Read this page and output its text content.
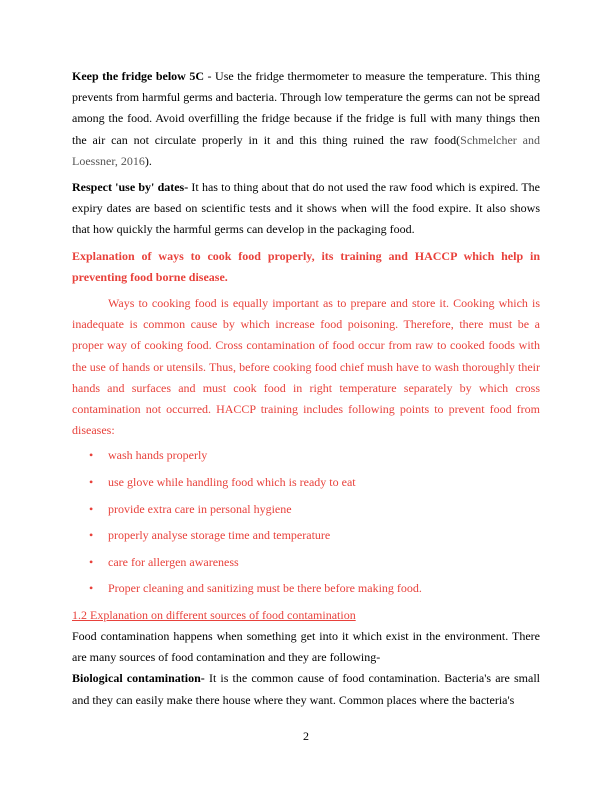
Keep the fridge below 5C - Use the fridge thermometer to measure the temperature. This thing prevents from harmful germs and bacteria. Through low temperature the germs can not be spread among the food. Avoid overfilling the fridge because if the fridge is full with many things then the air can not circulate properly in it and this thing ruined the raw food(Schmelcher and Loessner, 2016).

Respect 'use by' dates- It has to thing about that do not used the raw food which is expired. The expiry dates are based on scientific tests and it shows when will the food expire. It also shows that how quickly the harmful germs can develop in the packaging food.

Explanation of ways to cook food properly, its training and HACCP which help in preventing food borne disease.

Ways to cooking food is equally important as to prepare and store it. Cooking which is inadequate is common cause by which increase food poisoning. Therefore, there must be a proper way of cooking food. Cross contamination of food occur from raw to cooked foods with the use of hands or utensils. Thus, before cooking food chief mush have to wash thoroughly their hands and surfaces and must cook food in right temperature separately by which cross contamination not occurred. HACCP training includes following points to prevent food from diseases:

• wash hands properly
• use glove while handling food which is ready to eat
• provide extra care in personal hygiene
• properly analyse storage time and temperature
• care for allergen awareness
• Proper cleaning and sanitizing must be there before making food.

1.2 Explanation on different sources of food contamination

Food contamination happens when something get into it which exist in the environment. There are many sources of food contamination and they are following-

Biological contamination- It is the common cause of food contamination. Bacteria's are small and they can easily make there house where they want. Common places where the bacteria's

2
